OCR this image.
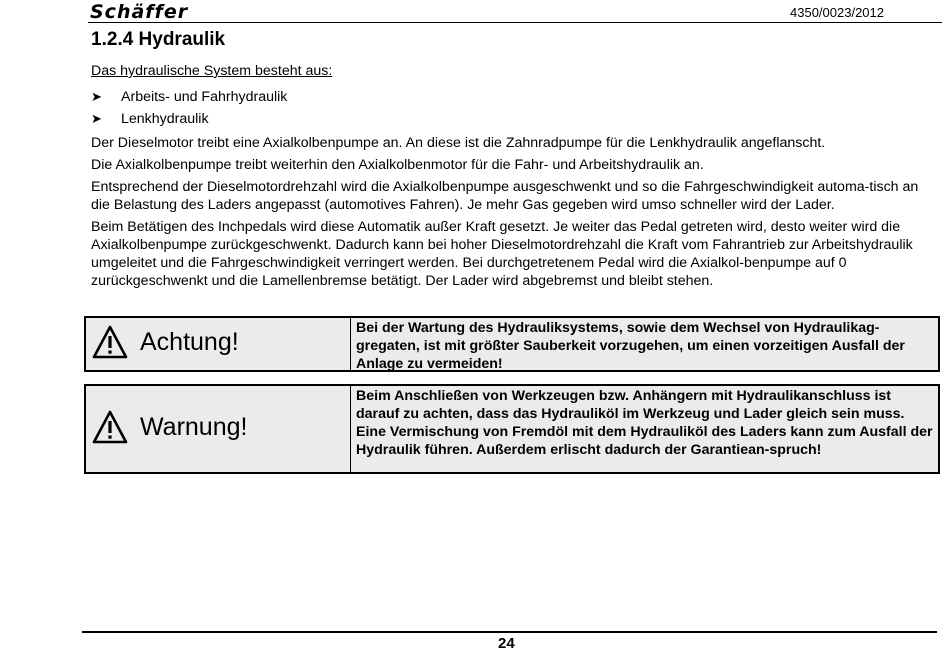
Schäffer	4350/0023/2012
1.2.4 Hydraulik

Das hydraulische System besteht aus:

➤ Arbeits- und Fahrhydraulik
➤ Lenkhydraulik

Der Dieselmotor treibt eine Axialkolbenpumpe an. An diese ist die Zahnradpumpe für die Lenkhydraulik angeflanscht.

Die Axialkolbenpumpe treibt weiterhin den Axialkolbenmotor für die Fahr- und Arbeitshydraulik an.

Entsprechend der Dieselmotordrehzahl wird die Axialkolbenpumpe ausgeschwenkt und so die Fahrgeschwindigkeit automa-tisch an die Belastung des Laders angepasst (automotives Fahren). Je mehr Gas gegeben wird umso schneller wird der Lader.

Beim Betätigen des Inchpedals wird diese Automatik außer Kraft gesetzt. Je weiter das Pedal getreten wird, desto weiter wird die Axialkolbenpumpe zurückgeschwenkt. Dadurch kann bei hoher Dieselmotordrehzahl die Kraft vom Fahrantrieb zur Arbeitshydraulik umgeleitet und die Fahrgeschwindigkeit verringert werden. Bei durchgetretenem Pedal wird die Axialkol-benpumpe auf 0 zurückgeschwenkt und die Lamellenbremse betätigt. Der Lader wird abgebremst und bleibt stehen.

Achtung!	Bei der Wartung des Hydrauliksystems, sowie dem Wechsel von Hydraulikag-gregaten, ist mit größter Sauberkeit vorzugehen, um einen vorzeitigen Ausfall der Anlage zu vermeiden!
Warnung!
Beim Anschließen von Werkzeugen bzw. Anhängern mit Hydraulikanschluss ist darauf zu achten, dass das Hydrauliköl im Werkzeug und Lader gleich sein muss. Eine Vermischung von Fremdöl mit dem Hydrauliköl des Laders kann zum Ausfall der Hydraulik führen. Außerdem erlischt dadurch der Garantiean-spruch!
24
